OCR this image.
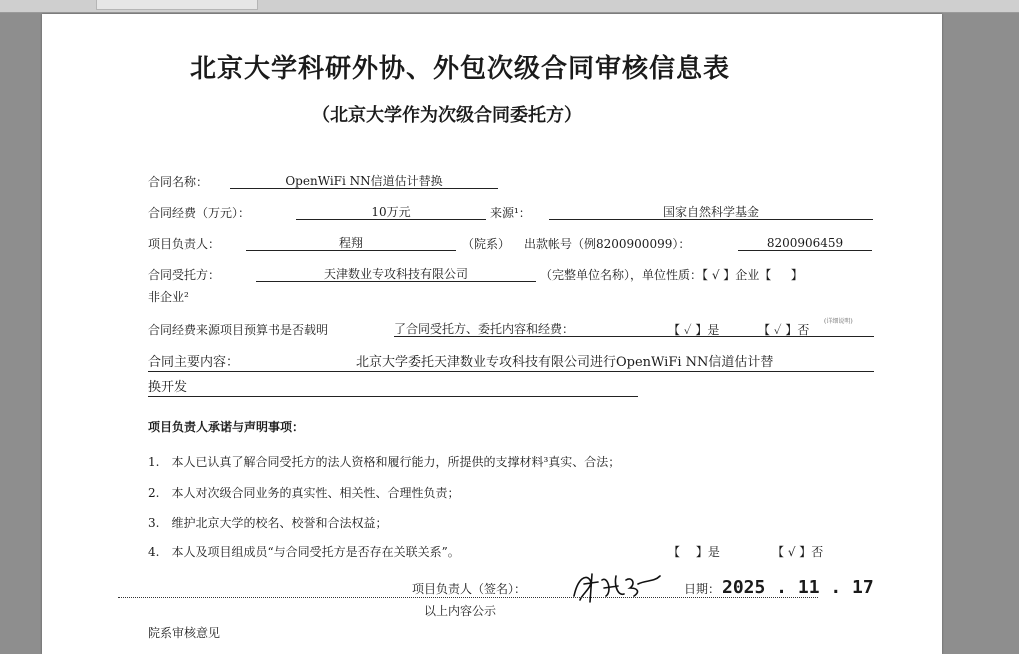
北京大学科研外协、外包次级合同审核信息表
（北京大学作为次级合同委托方）
合同名称：	OpenWiFi NN信道估计替换
合同经费（万元）：	10万元	来源¹：	国家自然科学基金
项目负责人：	程翔	（院系） 出款帐号（例8200900099）：	8200906459
合同受托方：	天津数业专攻科技有限公司	（完整单位名称），单位性质：【 √ 】企业【 　 】
非企业²
合同经费来源项目预算书是否载明	了合同受托方、委托内容和经费：	【 ✓ 】是	【 ✓ 】否
(详细说明)
合同主要内容：	北京大学委托天津数业专攻科技有限公司进行OpenWiFi NN信道估计替
换开发
项目负责人承诺与声明事项：
1.　本人已认真了解合同受托方的法人资格和履行能力，所提供的支撑材料³真实、合法；
2.　本人对次级合同业务的真实性、相关性、合理性负责；
3.　维护北京大学的校名、校誉和合法权益；
4.　本人及项目组成员“与合同受托方是否存在关联关系”。	【　 】是	【 √ 】否
项目负责人（签名）：	日期： 2025 . 11 . 17
以上内容公示
院系审核意见
